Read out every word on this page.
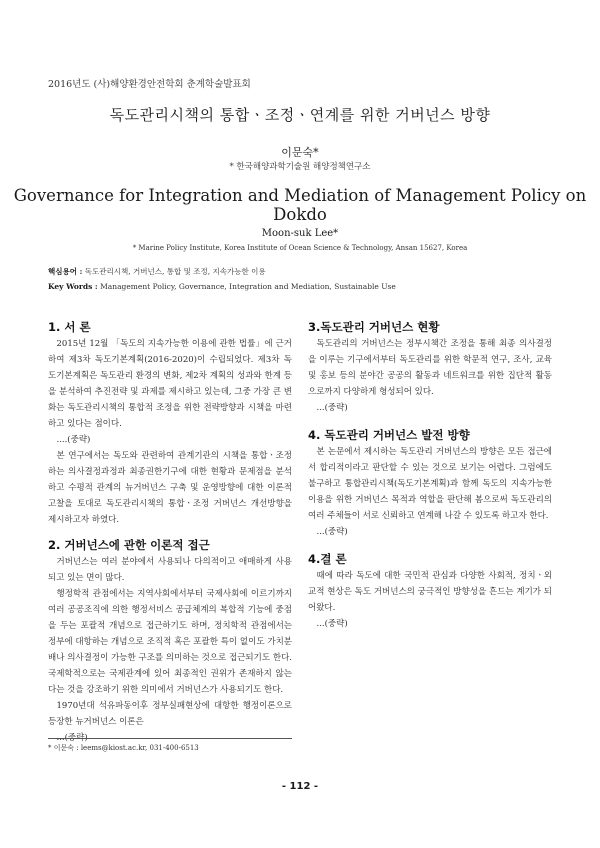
2016년도 (사)해양환경안전학회 춘계학술발표회
독도관리시책의 통합ㆍ조정ㆍ연계를 위한 거버넌스 방향
이문숙*
* 한국해양과학기술원 해양정책연구소
Governance for Integration and Mediation of Management Policy on Dokdo
Moon-suk Lee*
* Marine Policy Institute, Korea Institute of Ocean Science & Technology, Ansan 15627, Korea
핵심용어 : 독도관리시책, 거버넌스, 통합 및 조정, 지속가능한 이용
Key Words : Management Policy, Governance, Integration and Mediation, Sustainable Use
1. 서 론

2015년 12월 「독도의 지속가능한 이용에 관한 법률」에 근거하여 제3차 독도기본계획(2016-2020)이 수립되었다. 제3차 독도기본계획은 독도관리 환경의 변화, 제2차 계획의 성과와 한계 등을 분석하여 추진전략 및 과제를 제시하고 있는데, 그중 가장 큰 변화는 독도관리시책의 통합적 조정을 위한 전략방향과 시책을 마련하고 있다는 점이다.

....(중략)

본 연구에서는 독도와 관련하여 관계기관의 시책을 통합ㆍ조정하는 의사결정과정과 최종권한기구에 대한 현황과 문제점을 분석하고 수평적 관계의 뉴거버넌스 구축 및 운영방향에 대한 이론적 고찰을 토대로 독도관리시책의 통합ㆍ조정 거버넌스 개선방향을 제시하고자 하였다.

2. 거버넌스에 관한 이론적 접근

거버넌스는 여러 분야에서 사용되나 다의적이고 애매하게 사용되고 있는 면이 많다.

행정학적 관점에서는 지역사회에서부터 국제사회에 이르기까지 여러 공공조직에 의한 행정서비스 공급체계의 복합적 기능에 중점을 두는 포괄적 개념으로 접근하기도 하며, 정치학적 관점에서는 정부에 대항하는 개념으로 조직적 혹은 포괄한 특이 없이도 가치분배나 의사결정이 가능한 구조를 의미하는 것으로 접근되기도 한다. 국제학적으로는 국제관계에 있어 최종적인 권위가 존재하지 않는다는 것을 강조하기 위한 의미에서 거버넌스가 사용되기도 한다.

1970년대 석유파동이후 정부실패현상에 대항한 행정이론으로 등장한 뉴거버넌스 이론은

...(중략)

3.독도관리 거버넌스 현황

독도관리의 거버넌스는 정부시책간 조정을 통해 최종 의사결정을 이루는 기구에서부터 독도관리를 위한 학문적 연구, 조사, 교육 및 홍보 등의 분야간 공공의 활동과 네트워크를 위한 집단적 활동으로까지 다양하게 형성되어 있다.

...(중략)

4. 독도관리 거버넌스 발전 방향

본 논문에서 제시하는 독도관리 거버넌스의 방향은 모든 접근에서 합리적이라고 판단할 수 있는 것으로 보기는 어렵다. 그럼에도 불구하고 통합관리시책(독도기본계획)과 함께 독도의 지속가능한 이용을 위한 거버넌스 목적과 역할을 판단해 봄으로써 독도관리의 여러 주체들이 서로 신뢰하고 연계해 나갈 수 있도록 하고자 한다.

...(중략)

4.결 론

때에 따라 독도에 대한 국민적 관심과 다양한 사회적, 정치ㆍ외교적 현상은 독도 거버넌스의 궁극적인 방향성을 흔드는 계기가 되어왔다.

...(중략)

* 이문숙 : leems@kiost.ac.kr, 031-400-6513
- 112 -
